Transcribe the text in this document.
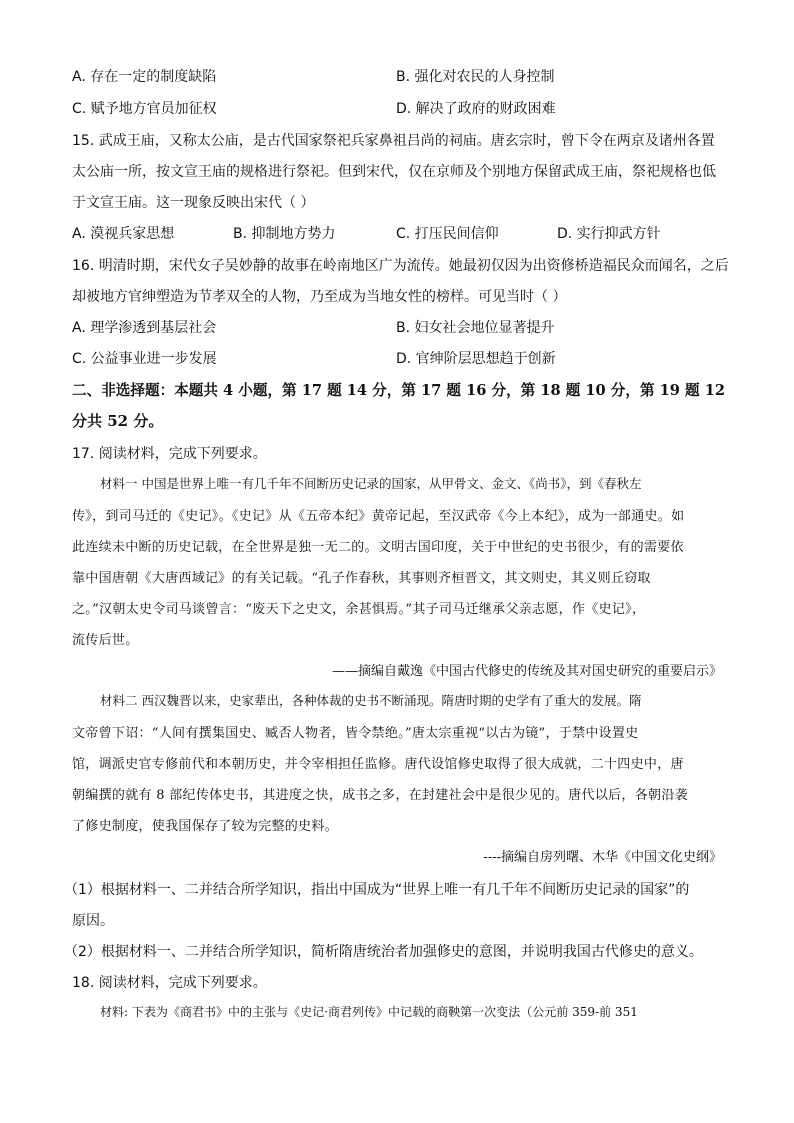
A. 存在一定的制度缺陷	B. 强化对农民的人身控制
C. 赋予地方官员加征权	D. 解决了政府的财政困难
15. 武成王庙，又称太公庙，是古代国家祭祀兵家鼻祖吕尚的祠庙。唐玄宗时，曾下令在两京及诸州各置
太公庙一所，按文宣王庙的规格进行祭祀。但到宋代，仅在京师及个别地方保留武成王庙，祭祀规格也低
于文宣王庙。这一现象反映出宋代（ ）
A. 漠视兵家思想	B. 抑制地方势力	C. 打压民间信仰	D. 实行抑武方针
16. 明清时期，宋代女子吴妙静的故事在岭南地区广为流传。她最初仅因为出资修桥造福民众而闻名，之后
却被地方官绅塑造为节孝双全的人物，乃至成为当地女性的榜样。可见当时（ ）
A. 理学渗透到基层社会	B. 妇女社会地位显著提升
C. 公益事业进一步发展	D. 官绅阶层思想趋于创新
二、非选择题：本题共 4 小题，第 17 题 14 分，第 17 题 16 分，第 18 题 10 分，第 19 题 12
分共 52 分。
17. 阅读材料，完成下列要求。
材料一 中国是世界上唯一有几千年不间断历史记录的国家，从甲骨文、金文、《尚书》，到《春秋左
传》，到司马迁的《史记》。《史记》从《五帝本纪》黄帝记起，至汉武帝《今上本纪》，成为一部通史。如
此连续未中断的历史记载，在全世界是独一无二的。文明古国印度，关于中世纪的史书很少，有的需要依
靠中国唐朝《大唐西域记》的有关记载。“孔子作春秋，其事则齐桓晋文，其文则史，其义则丘窃取
之。”汉朝太史令司马谈曾言：“废天下之史文，余甚惧焉。”其子司马迁继承父亲志愿，作《史记》，
流传后世。
——摘编自戴逸《中国古代修史的传统及其对国史研究的重要启示》
材料二 西汉魏晋以来，史家辈出，各种体裁的史书不断涌现。隋唐时期的史学有了重大的发展。隋
文帝曾下诏：“人间有撰集国史、臧否人物者，皆令禁绝。”唐太宗重视“以古为镜”，于禁中设置史
馆，调派史官专修前代和本朝历史，并令宰相担任监修。唐代设馆修史取得了很大成就，二十四史中，唐
朝编撰的就有 8 部纪传体史书，其进度之快，成书之多，在封建社会中是很少见的。唐代以后，各朝沿袭
了修史制度，使我国保存了较为完整的史料。
----摘编自房列曙、木华《中国文化史纲》
（1）根据材料一、二并结合所学知识，指出中国成为“世界上唯一有几千年不间断历史记录的国家”的
原因。
（2）根据材料一、二并结合所学知识，简析隋唐统治者加强修史的意图，并说明我国古代修史的意义。
18. 阅读材料，完成下列要求。
材料: 下表为《商君书》中的主张与《史记·商君列传》中记载的商鞅第一次变法（公元前 359-前 351
